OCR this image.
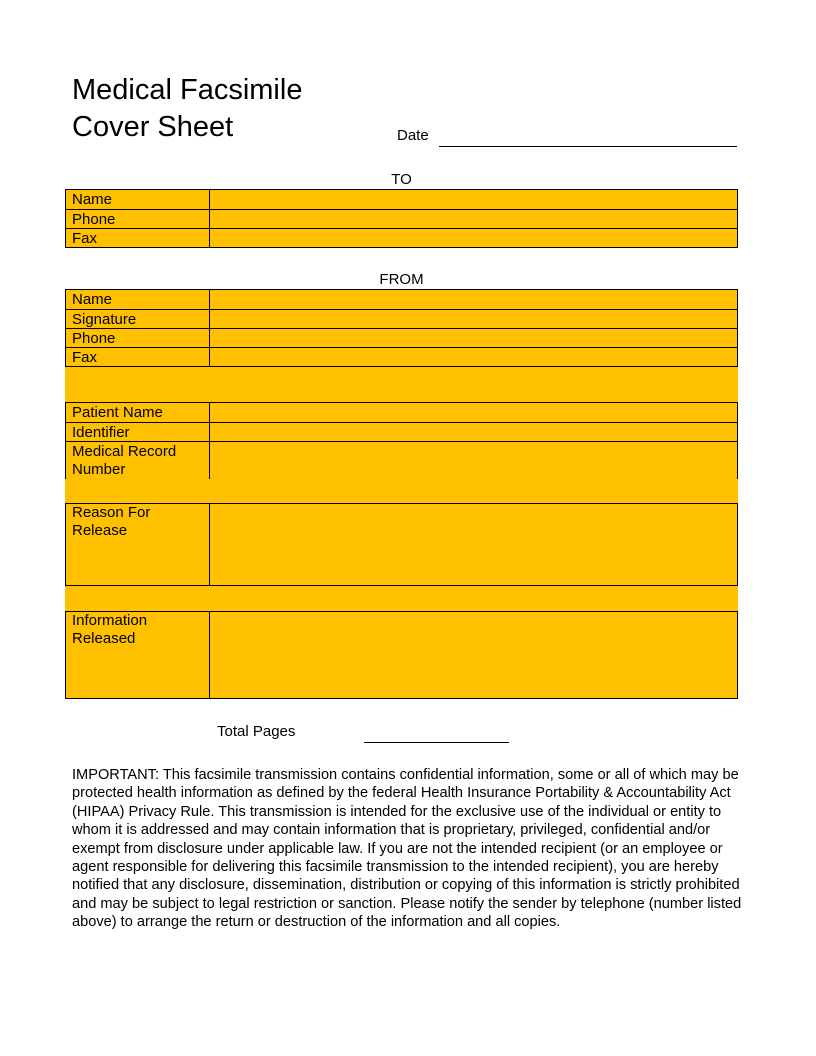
Medical Facsimile
Cover Sheet	Date
TO
Name
Phone
Fax
FROM
Name
Signature
Phone
Fax
Patient Name
Identifier
Medical Record Number
Reason For Release
Information Released
Total Pages
IMPORTANT: This facsimile transmission contains confidential information, some or all of which may be protected health information as defined by the federal Health Insurance Portability & Accountability Act (HIPAA) Privacy Rule. This transmission is intended for the exclusive use of the individual or entity to whom it is addressed and may contain information that is proprietary, privileged, confidential and/or exempt from disclosure under applicable law. If you are not the intended recipient (or an employee or agent responsible for delivering this facsimile transmission to the intended recipient), you are hereby notified that any disclosure, dissemination, distribution or copying of this information is strictly prohibited and may be subject to legal restriction or sanction. Please notify the sender by telephone (number listed above) to arrange the return or destruction of the information and all copies.
